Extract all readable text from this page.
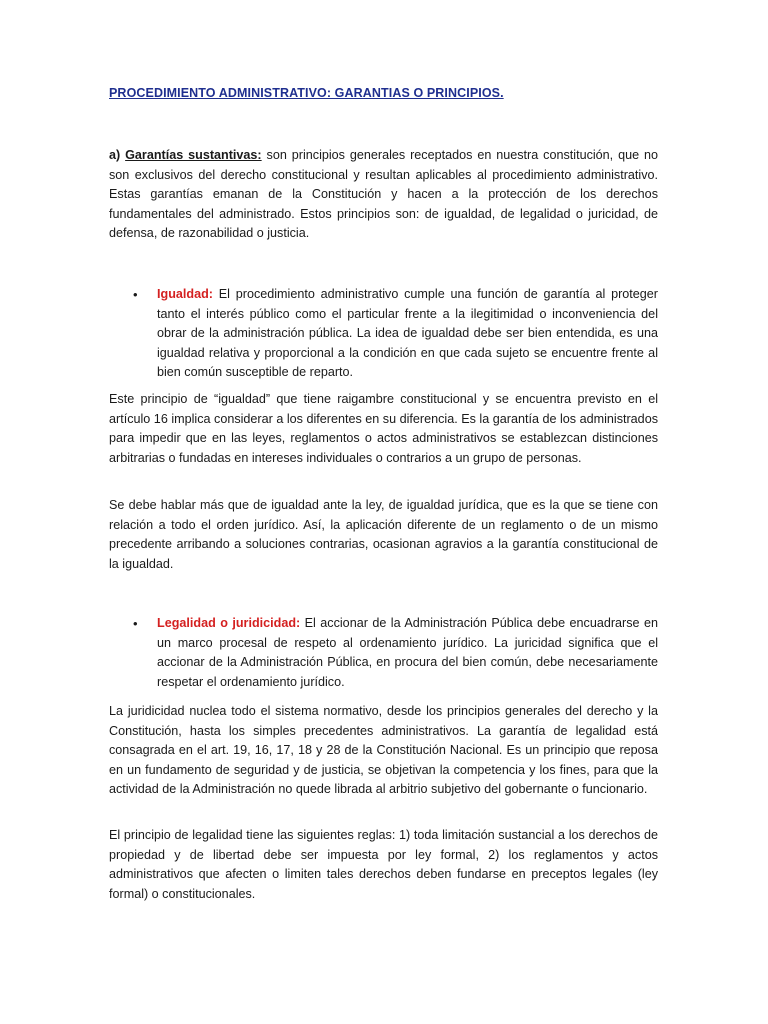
PROCEDIMIENTO ADMINISTRATIVO: GARANTIAS O PRINCIPIOS.

a) Garantías sustantivas: son principios generales receptados en nuestra constitución, que no son exclusivos del derecho constitucional y resultan aplicables al procedimiento administrativo. Estas garantías emanan de la Constitución y hacen a la protección de los derechos fundamentales del administrado. Estos principios son: de igualdad, de legalidad o juricidad, de defensa, de razonabilidad o justicia.

• Igualdad: El procedimiento administrativo cumple una función de garantía al proteger tanto el interés público como el particular frente a la ilegitimidad o inconveniencia del obrar de la administración pública. La idea de igualdad debe ser bien entendida, es una igualdad relativa y proporcional a la condición en que cada sujeto se encuentre frente al bien común susceptible de reparto.

Este principio de “igualdad” que tiene raigambre constitucional y se encuentra previsto en el artículo 16 implica considerar a los diferentes en su diferencia. Es la garantía de los administrados para impedir que en las leyes, reglamentos o actos administrativos se establezcan distinciones arbitrarias o fundadas en intereses individuales o contrarios a un grupo de personas.

Se debe hablar más que de igualdad ante la ley, de igualdad jurídica, que es la que se tiene con relación a todo el orden jurídico. Así, la aplicación diferente de un reglamento o de un mismo precedente arribando a soluciones contrarias, ocasionan agravios a la garantía constitucional de la igualdad.

• Legalidad o juridicidad: El accionar de la Administración Pública debe encuadrarse en un marco procesal de respeto al ordenamiento jurídico. La juricidad significa que el accionar de la Administración Pública, en procura del bien común, debe necesariamente respetar el ordenamiento jurídico.

La juridicidad nuclea todo el sistema normativo, desde los principios generales del derecho y la Constitución, hasta los simples precedentes administrativos. La garantía de legalidad está consagrada en el art. 19, 16, 17, 18 y 28 de la Constitución Nacional. Es un principio que reposa en un fundamento de seguridad y de justicia, se objetivan la competencia y los fines, para que la actividad de la Administración no quede librada al arbitrio subjetivo del gobernante o funcionario.

El principio de legalidad tiene las siguientes reglas: 1) toda limitación sustancial a los derechos de propiedad y de libertad debe ser impuesta por ley formal, 2) los reglamentos y actos administrativos que afecten o limiten tales derechos deben fundarse en preceptos legales (ley formal) o constitucionales.
